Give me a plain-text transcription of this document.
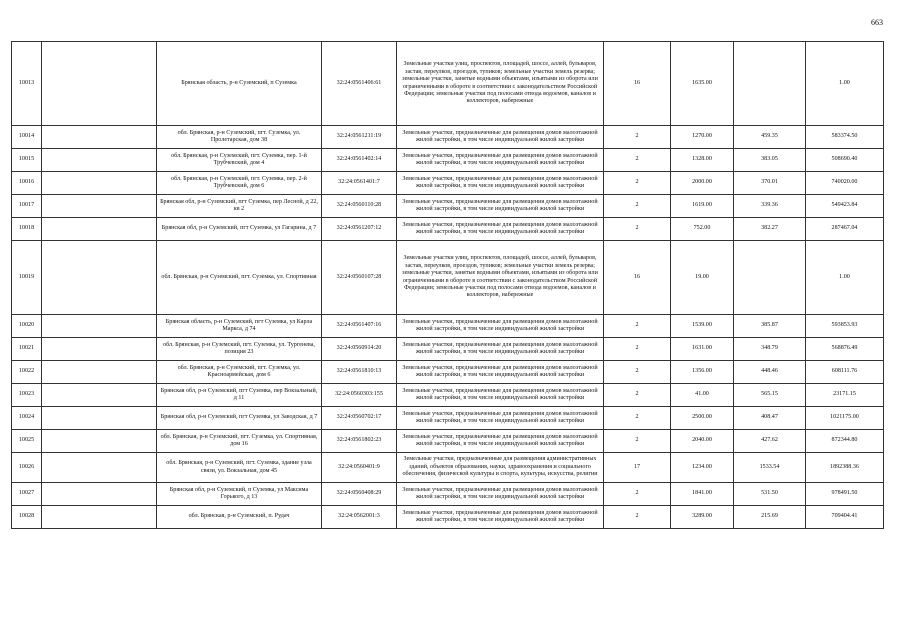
663
10013		Брянская область, р-н Суземский, п Суземка	32:24:0561406:61	Земельные участки улиц, проспектов, площадей, шоссе, аллей, бульваров, застав, переулков, проездов, тупиков; земельные участки земель резерва; земельные участки, занятые водными объектами, изъятыми из оборота или ограниченными в обороте в соответствии с законодательством Российской Федерации; земельные участки под полосами отвода водоемов, каналов и коллекторов, набережные	16	1635.00		1.00
10014		обл. Брянская, р-н Суземский, пгт. Суземка, ул. Пролетарская, дом 38	32:24:0561211:19	Земельные участки, предназначенные для размещения домов малоэтажной жилой застройки, в том числе индивидуальной жилой застройки	2	1270.00	459.35	583374.50
10015		обл. Брянская, р-н Суземский, пгт. Суземка, пер. 1-й Трубчевский, дом 4	32:24:0561402:14	Земельные участки, предназначенные для размещения домов малоэтажной жилой застройки, в том числе индивидуальной жилой застройки	2	1328.00	383.05	508690.40
10016		обл. Брянская, р-н Суземский, пгт. Суземка, пер. 2-й Трубчевский, дом 6	32:24:0561401:7	Земельные участки, предназначенные для размещения домов малоэтажной жилой застройки, в том числе индивидуальной жилой застройки	2	2000.00	370.01	740020.00
10017		Брянская обл, р-н Суземский, пгт Суземка, пер Лесной, д 22, кв 2	32:24:0560110:28	Земельные участки, предназначенные для размещения домов малоэтажной жилой застройки, в том числе индивидуальной жилой застройки	2	1619.00	339.36	549423.84
10018		Брянская обл, р-н Суземский, пгт Суземка, ул Гагарина, д 7	32:24:0561207:12	Земельные участки, предназначенные для размещения домов малоэтажной жилой застройки, в том числе индивидуальной жилой застройки	2	752.00	382.27	287467.04
10019		обл. Брянская, р-н Суземский, пгт. Суземка, ул. Спортивная	32:24:0560107:28	Земельные участки улиц, проспектов, площадей, шоссе, аллей, бульваров, застав, переулков, проездов, тупиков; земельные участки земель резерва; земельные участки, занятые водными объектами, изъятыми из оборота или ограниченными в обороте в соответствии с законодательством Российской Федерации; земельные участки под полосами отвода водоемов, каналов и коллекторов, набережные	16	19.00		1.00
10020		Брянская область, р-н Суземский, пгт Суземка, ул Карла Маркса, д 74	32:24:0561407:16	Земельные участки, предназначенные для размещения домов малоэтажной жилой застройки, в том числе индивидуальной жилой застройки	2	1539.00	385.87	593853.93
10021		обл. Брянская, р-н Суземский, пгт. Суземка, ул. Тургенева, позиция 23	32:24:0560914:20	Земельные участки, предназначенные для размещения домов малоэтажной жилой застройки, в том числе индивидуальной жилой застройки	2	1631.00	348.79	568876.49
10022		обл. Брянская, р-н Суземский, пгт. Суземка, ул. Красноармейская, дом 6	32:24:0561810:13	Земельные участки, предназначенные для размещения домов малоэтажной жилой застройки, в том числе индивидуальной жилой застройки	2	1356.00	448.46	608111.76
10023		Брянская обл, р-н Суземский, пгт Суземка, пер Вокзальный, д 11	32:24:0560303:155	Земельные участки, предназначенные для размещения домов малоэтажной жилой застройки, в том числе индивидуальной жилой застройки	2	41.00	565.15	23171.15
10024		Брянская обл, р-н Суземский, пгт Суземка, ул Заводская, д 7	32:24:0560702:17	Земельные участки, предназначенные для размещения домов малоэтажной жилой застройки, в том числе индивидуальной жилой застройки	2	2500.00	408.47	1021175.00
10025		обл. Брянская, р-н Суземский, пгт. Суземка, ул. Спортивная, дом 16	32:24:0561802:23	Земельные участки, предназначенные для размещения домов малоэтажной жилой застройки, в том числе индивидуальной жилой застройки	2	2040.00	427.62	872344.80
10026		обл. Брянская, р-н Суземский, пгт. Суземка, здание узла связи, ул. Вокзальная, дом 45	32:24:0560401:9	Земельные участки, предназначенные для размещения административных зданий, объектов образования, науки, здравоохранения и социального обеспечения, физической культуры и спорта, культуры, искусства, религии	17	1234.00	1533.54	1892388.36
10027		Брянская обл, р-н Суземский, п Суземка, ул Максима Горького, д 13	32:24:0560408:29	Земельные участки, предназначенные для размещения домов малоэтажной жилой застройки, в том числе индивидуальной жилой застройки	2	1841.00	531.50	978491.50
10028		обл. Брянская, р-н Суземский, п. Рудач	32:24:0562001:3	Земельные участки, предназначенные для размещения домов малоэтажной жилой застройки, в том числе индивидуальной жилой застройки	2	3289.00	215.69	709404.41
